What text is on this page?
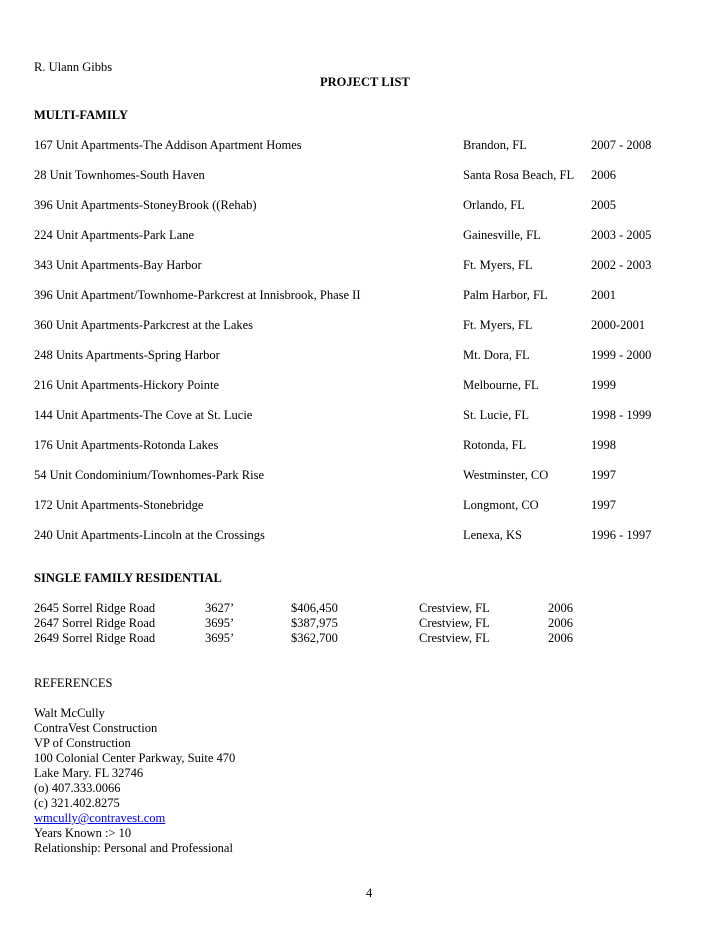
R. Ulann Gibbs
PROJECT LIST
MULTI-FAMILY
167 Unit Apartments-The Addison Apartment Homes	Brandon, FL	2007 - 2008
28 Unit Townhomes-South Haven	Santa Rosa Beach, FL 2006
396 Unit Apartments-StoneyBrook ((Rehab)	Orlando, FL	2005
224 Unit Apartments-Park Lane	Gainesville, FL	2003 - 2005
343 Unit Apartments-Bay Harbor	Ft. Myers, FL	2002 - 2003
396 Unit Apartment/Townhome-Parkcrest at Innisbrook, Phase II	Palm Harbor, FL	2001
360 Unit Apartments-Parkcrest at the Lakes	Ft. Myers, FL	2000-2001
248 Units Apartments-Spring Harbor	Mt. Dora, FL	1999 - 2000
216 Unit Apartments-Hickory Pointe	Melbourne, FL	1999
144 Unit Apartments-The Cove at St. Lucie	St. Lucie, FL	1998 - 1999
176 Unit Apartments-Rotonda Lakes	Rotonda, FL	1998
54 Unit Condominium/Townhomes-Park Rise	Westminster, CO	1997
172 Unit Apartments-Stonebridge	Longmont, CO	1997
240 Unit Apartments-Lincoln at the Crossings	Lenexa, KS	1996 - 1997
SINGLE FAMILY RESIDENTIAL
2645 Sorrel Ridge Road	3627’	$406,450	Crestview, FL	2006
2647 Sorrel Ridge Road	3695’	$387,975	Crestview, FL	2006
2649 Sorrel Ridge Road	3695’	$362,700	Crestview, FL	2006
REFERENCES
Walt McCully
ContraVest Construction
VP of Construction
100 Colonial Center Parkway, Suite 470
Lake Mary. FL 32746
(o) 407.333.0066
(c) 321.402.8275
wmcully@contravest.com
Years Known :> 10
Relationship: Personal and Professional
4
